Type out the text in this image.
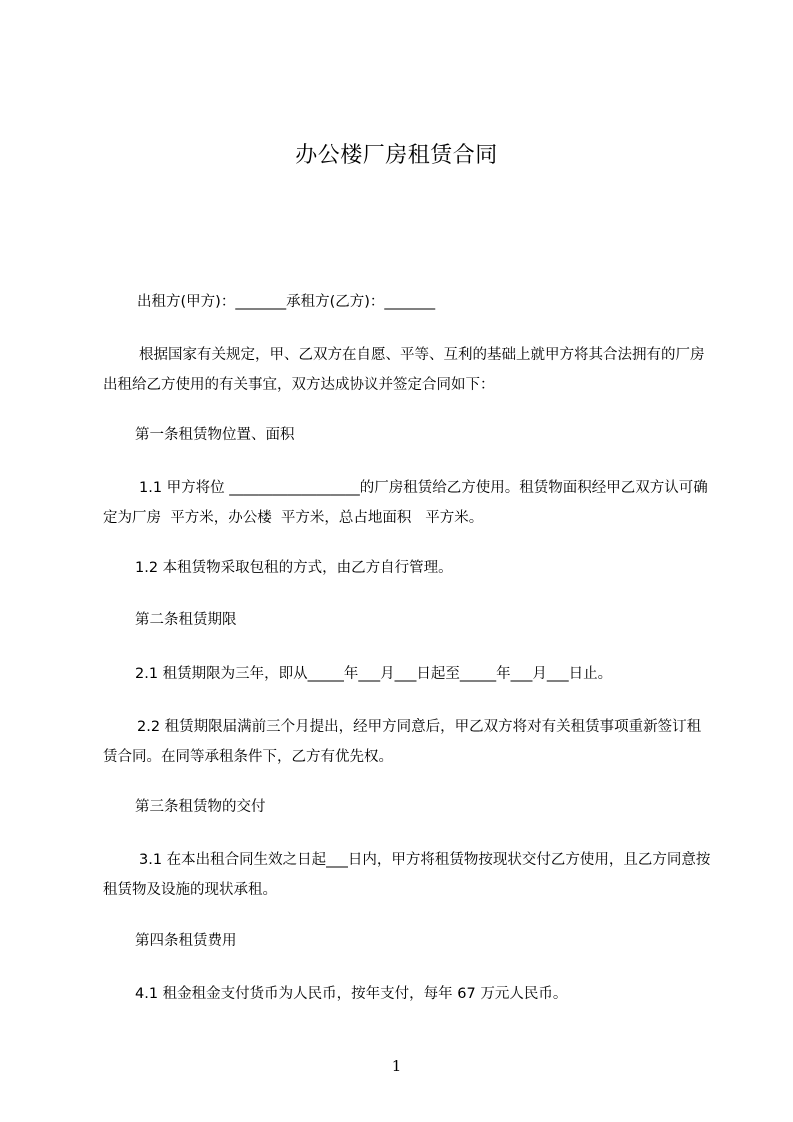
办公楼厂房租赁合同
出租方(甲方)：_______承租方(乙方)：_______
根据国家有关规定，甲、乙双方在自愿、平等、互利的基础上就甲方将其合法拥有的厂房出租给乙方使用的有关事宜，双方达成协议并签定合同如下：
第一条租赁物位置、面积
1.1 甲方将位 __________________的厂房租赁给乙方使用。租赁物面积经甲乙双方认可确定为厂房  平方米，办公楼  平方米，总占地面积   平方米。
1.2 本租赁物采取包租的方式，由乙方自行管理。
第二条租赁期限
2.1 租赁期限为三年，即从_____年___月___日起至_____年___月___日止。
2.2 租赁期限届满前三个月提出，经甲方同意后，甲乙双方将对有关租赁事项重新签订租赁合同。在同等承租条件下，乙方有优先权。
第三条租赁物的交付
3.1 在本出租合同生效之日起___日内，甲方将租赁物按现状交付乙方使用，且乙方同意按租赁物及设施的现状承租。
第四条租赁费用
4.1 租金租金支付货币为人民币，按年支付，每年 67 万元人民币。
1
